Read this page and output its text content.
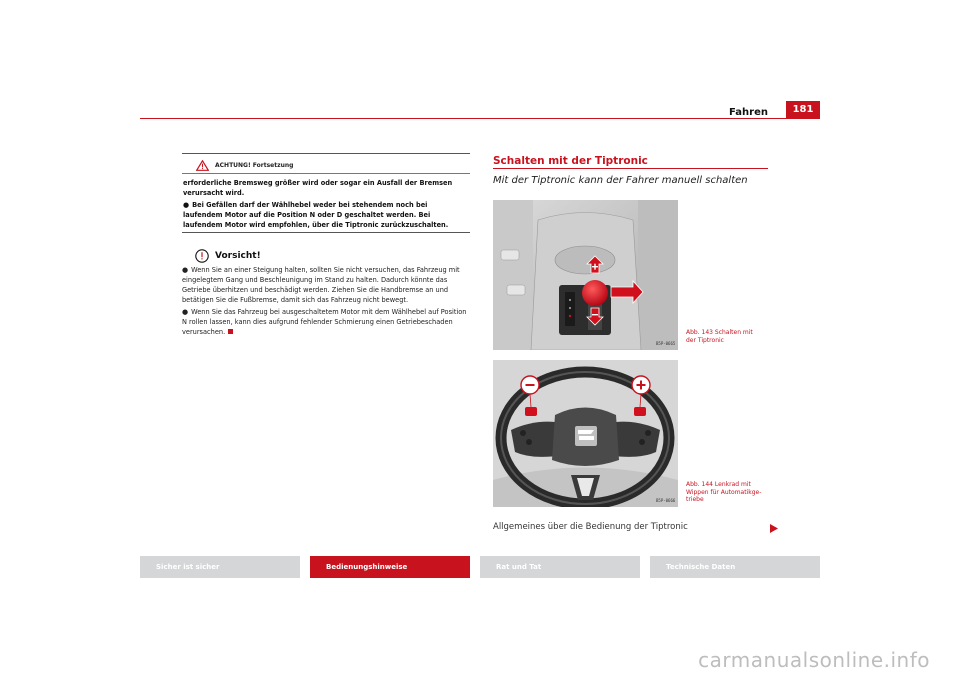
Fahren	181
ACHTUNG! Fortsetzung

erforderliche Bremsweg größer wird oder sogar ein Ausfall der Bremsen verursacht wird.

● Bei Gefällen darf der Wählhebel weder bei stehendem noch bei laufendem Motor auf die Position N oder D geschaltet werden. Bei laufendem Motor wird empfohlen, über die Tiptronic zurückzuschalten.

Vorsicht!

● Wenn Sie an einer Steigung halten, sollten Sie nicht versuchen, das Fahrzeug mit eingelegtem Gang und Beschleunigung im Stand zu halten. Dadurch könnte das Getriebe überhitzen und beschädigt werden. Ziehen Sie die Handbremse an und betätigen Sie die Fußbremse, damit sich das Fahrzeug nicht bewegt.

● Wenn Sie das Fahrzeug bei ausgeschaltetem Motor mit dem Wählhebel auf Position N rollen lassen, kann dies aufgrund fehlender Schmierung einen Getriebeschaden verursachen.

Schalten mit der Tiptronic
Mit der Tiptronic kann der Fahrer manuell schalten
B5P-0665
B5P-0666
Abb. 143 Schalten mit
der Tiptronic
Abb. 144 Lenkrad mit
Wippen für Automatikge-
triebe
Allgemeines über die Bedienung der Tiptronic
Sicher ist sicher	Bedienungshinweise	Rat und Tat	Technische Daten
carmanualsonline.info
